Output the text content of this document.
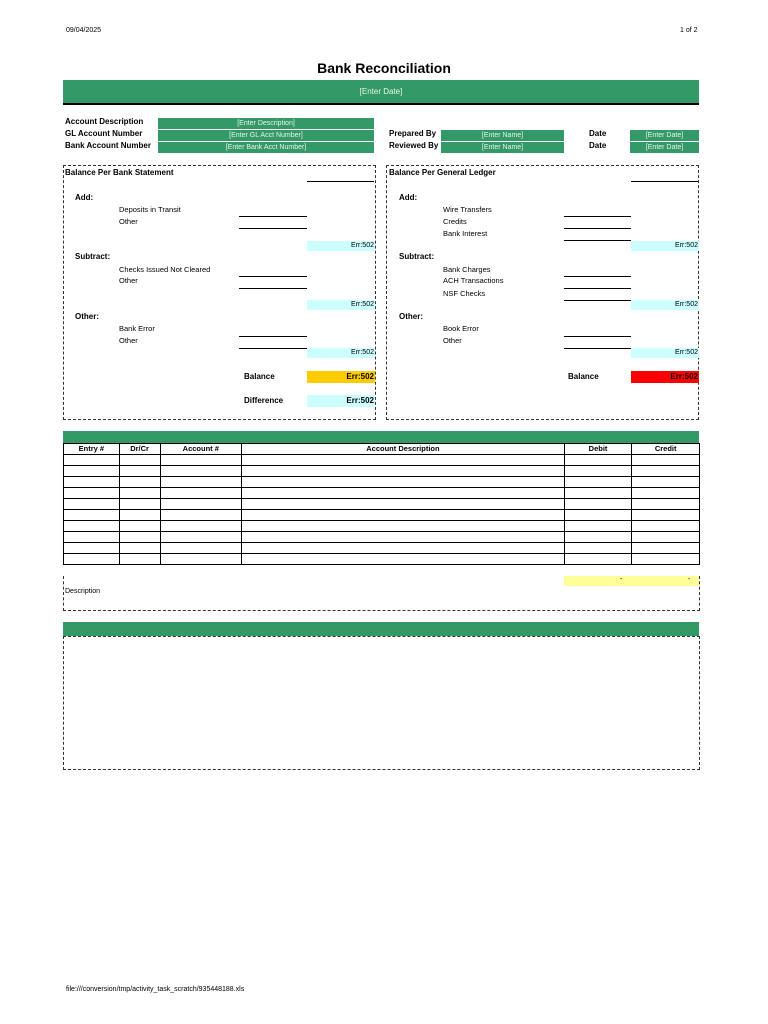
09/04/2025	1 of 2
Bank Reconciliation
[Enter Date]
Account Description	[Enter Description]
GL Account Number	[Enter GL Acct Number]
Bank Account Number	[Enter Bank Acct Number]
Prepared By	[Enter Name]	Date	[Enter Date]
Reviewed By	[Enter Name]	Date	[Enter Date]
Balance Per Bank Statement
Add:
Deposits in Transit
Other
Err:502
Subtract:
Checks Issued Not Cleared
Other
Err:502
Other:
Bank Error
Other
Err:502
Balance	Err:502
Difference	Err:502
Balance Per General Ledger
Add:
Wire Transfers
Credits
Bank Interest
Err:502
Subtract:
Bank Charges
ACH Transactions
NSF Checks
Err:502
Other:
Book Error
Other
Err:502
Balance	Err:502
Entry #	Dr/Cr	Account #	Account Description	Debit	Credit

-	-
Description
file:///conversion/tmp/activity_task_scratch/935448188.xls
